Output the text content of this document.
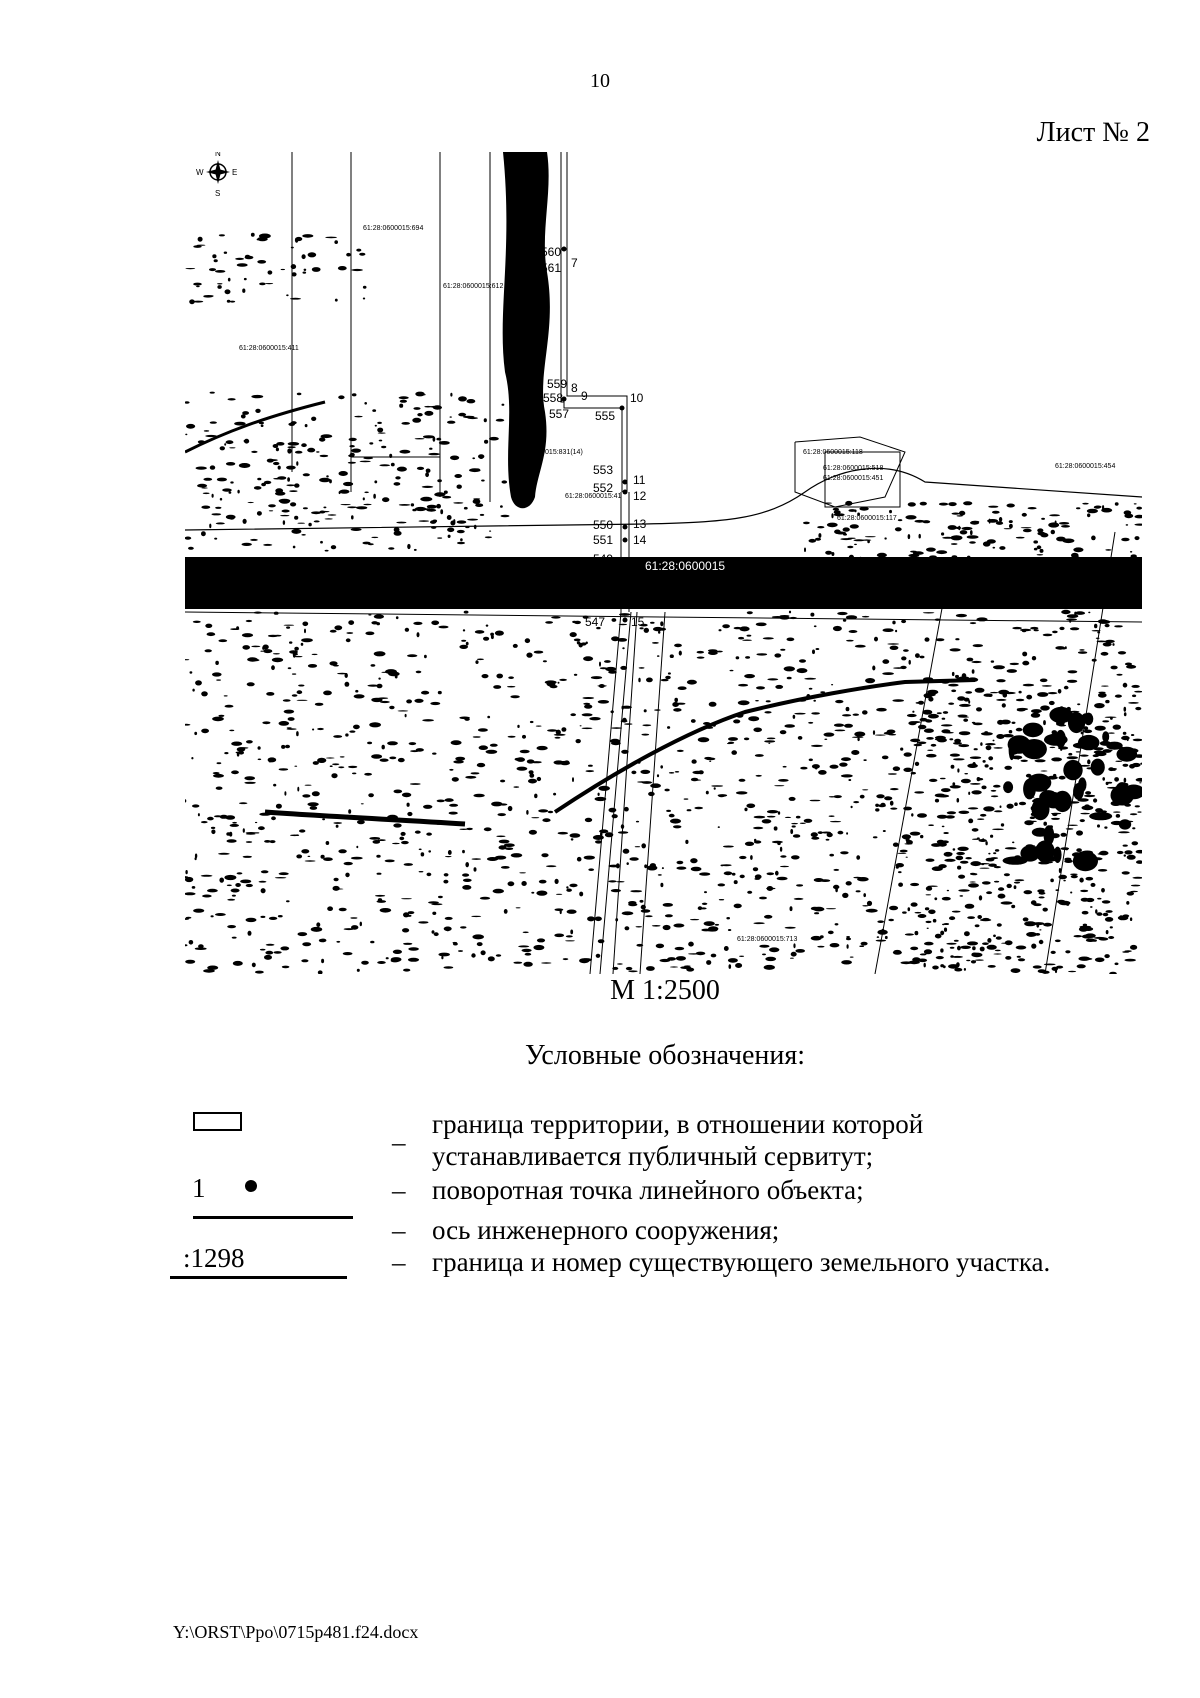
10
Лист № 2
N
S
E
W
61:28:0600015:694
61:28:0600015:612
61:28:0600015:411
61:28:0600015:713
61:28:0600015:118
61:28:0600015:518
61:28:0600015:451
61:28:0600015:454
61:28:0600015:117
61:28:0600015:41
61:28:0600015:831(14)
61:28:0600015
7
8
9	10
11
12
13
14
15
547
548
549
550
551
552
553
555
557
558
559
560
561
М 1:2500
Условные обозначения:
1
:1298
–
граница территории, в отношении которой
устанавливается публичный сервитут;
– поворотная точка линейного объекта;
– ось инженерного сооружения;
– граница и номер существующего земельного участка.
Y:\ORST\Ppo\0715p481.f24.docx
